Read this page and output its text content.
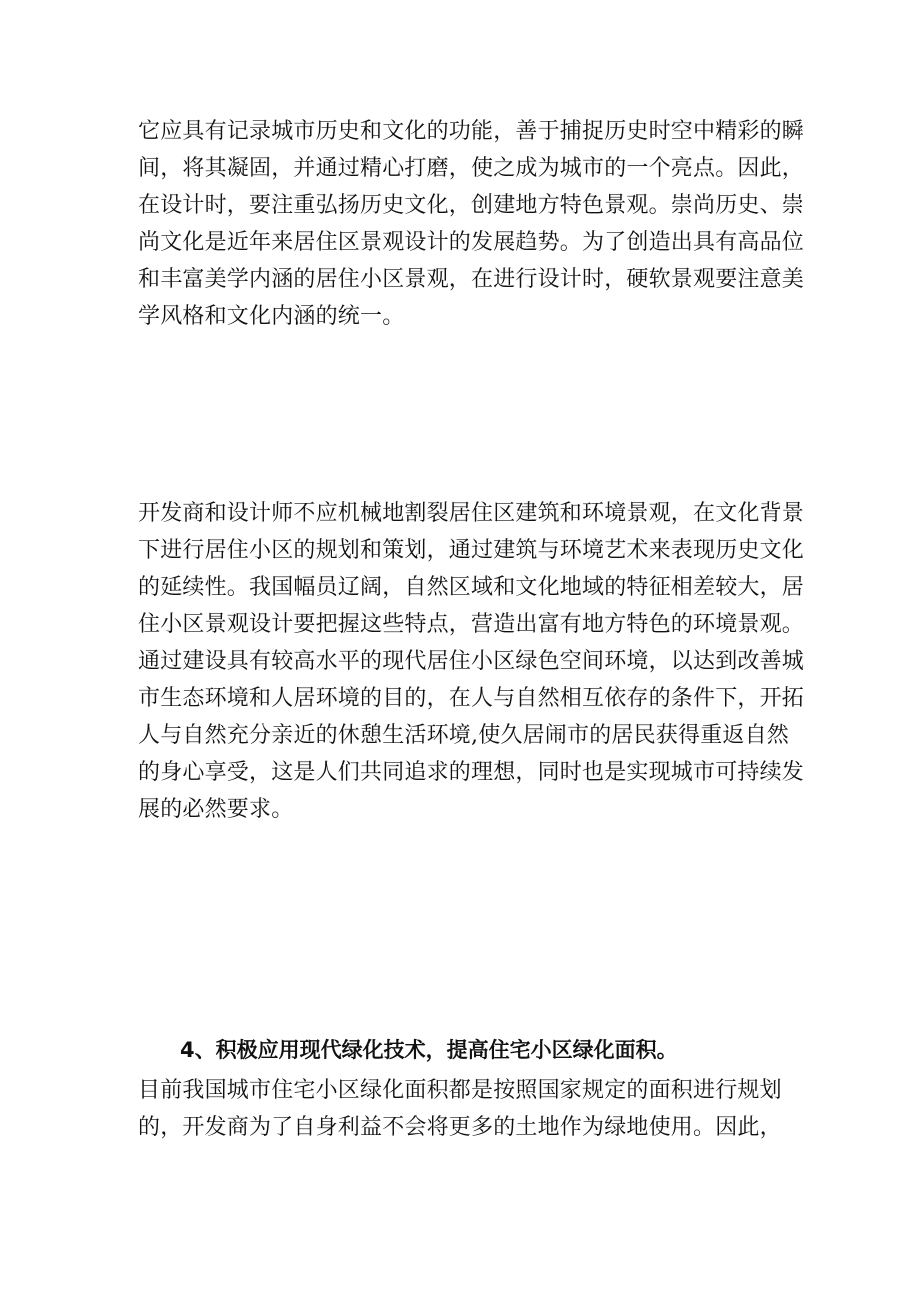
它应具有记录城市历史和文化的功能，善于捕捉历史时空中精彩的瞬
间，将其凝固，并通过精心打磨，使之成为城市的一个亮点。因此，
在设计时，要注重弘扬历史文化，创建地方特色景观。崇尚历史、崇
尚文化是近年来居住区景观设计的发展趋势。为了创造出具有高品位
和丰富美学内涵的居住小区景观，在进行设计时，硬软景观要注意美
学风格和文化内涵的统一。
开发商和设计师不应机械地割裂居住区建筑和环境景观，在文化背景
下进行居住小区的规划和策划，通过建筑与环境艺术来表现历史文化
的延续性。我国幅员辽阔，自然区域和文化地域的特征相差较大，居
住小区景观设计要把握这些特点，营造出富有地方特色的环境景观。
通过建设具有较高水平的现代居住小区绿色空间环境，以达到改善城
市生态环境和人居环境的目的，在人与自然相互依存的条件下，开拓
人与自然充分亲近的休憩生活环境,使久居闹市的居民获得重返自然
的身心享受，这是人们共同追求的理想，同时也是实现城市可持续发
展的必然要求。
4、积极应用现代绿化技术，提高住宅小区绿化面积。
目前我国城市住宅小区绿化面积都是按照国家规定的面积进行规划
的，开发商为了自身利益不会将更多的土地作为绿地使用。因此，
